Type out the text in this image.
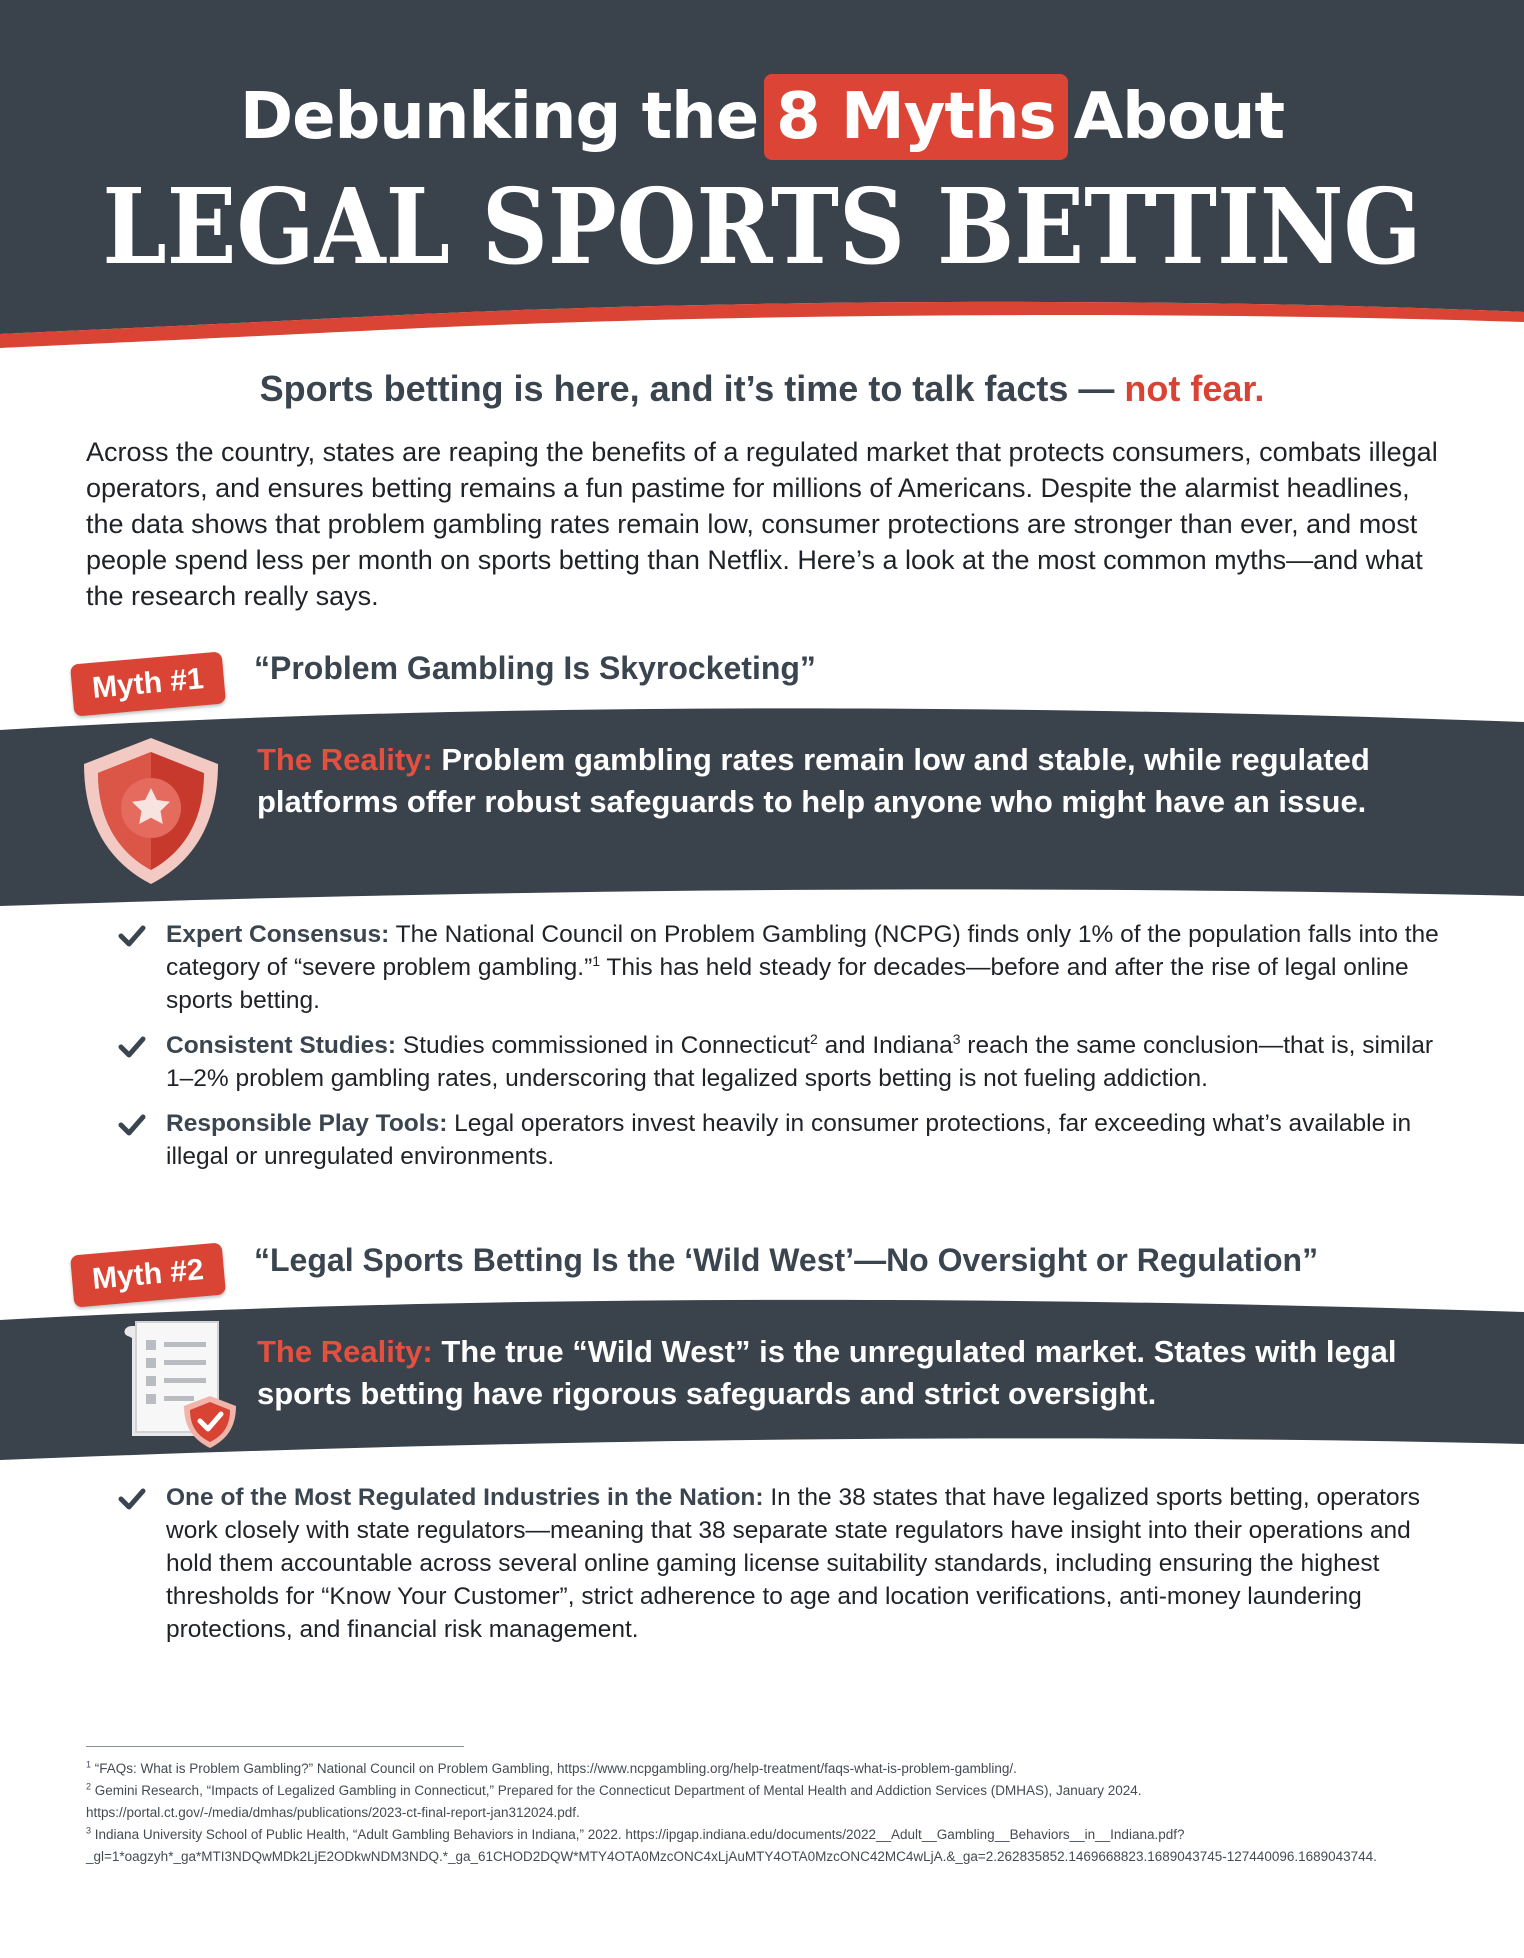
Debunking the 8 Myths About
LEGAL SPORTS BETTING
Sports betting is here, and it’s time to talk facts — not fear.

Across the country, states are reaping the benefits of a regulated market that protects consumers, combats illegal operators, and ensures betting remains a fun pastime for millions of Americans. Despite the alarmist headlines, the data shows that problem gambling rates remain low, consumer protections are stronger than ever, and most people spend less per month on sports betting than Netflix. Here’s a look at the most common myths—and what the research really says.

Myth #1	“Problem Gambling Is Skyrocketing”

The Reality: Problem gambling rates remain low and stable, while regulated platforms offer robust safeguards to help anyone who might have an issue.

Expert Consensus: The National Council on Problem Gambling (NCPG) finds only 1% of the population falls into the category of “severe problem gambling.”$^1$ This has held steady for decades—before and after the rise of legal online sports betting.
Consistent Studies: Studies commissioned in Connecticut$^2$ and Indiana$^3$ reach the same conclusion—that is, similar 1–2% problem gambling rates, underscoring that legalized sports betting is not fueling addiction.
Responsible Play Tools: Legal operators invest heavily in consumer protections, far exceeding what’s available in illegal or unregulated environments.
Myth #2	“Legal Sports Betting Is the ‘Wild West’—No Oversight or Regulation”

The Reality: The true “Wild West” is the unregulated market. States with legal sports betting have rigorous safeguards and strict oversight.

One of the Most Regulated Industries in the Nation: In the 38 states that have legalized sports betting, operators work closely with state regulators—meaning that 38 separate state regulators have insight into their operations and hold them accountable across several online gaming license suitability standards, including ensuring the highest thresholds for “Know Your Customer”, strict adherence to age and location verifications, anti-money laundering protections, and financial risk management.

$^1$ “FAQs: What is Problem Gambling?” National Council on Problem Gambling, https://www.ncpgambling.org/help-treatment/faqs-what-is-problem-gambling/.

$^2$ Gemini Research, “Impacts of Legalized Gambling in Connecticut,” Prepared for the Connecticut Department of Mental Health and Addiction Services (DMHAS), January 2024. https://portal.ct.gov/-/media/dmhas/publications/2023-ct-final-report-jan312024.pdf.

$^3$ Indiana University School of Public Health, “Adult Gambling Behaviors in Indiana,” 2022. https://ipgap.indiana.edu/documents/2022__Adult__Gambling__Behaviors__in__Indiana.pdf?_gl=1*oagzyh*_ga*MTI3NDQwMDk2LjE2ODkwNDM3NDQ.*_ga_61CHOD2DQW*MTY4OTA0MzcONC4xLjAuMTY4OTA0MzcONC42MC4wLjA.&_ga=2.262835852.1469668823.1689043745-127440096.1689043744.
